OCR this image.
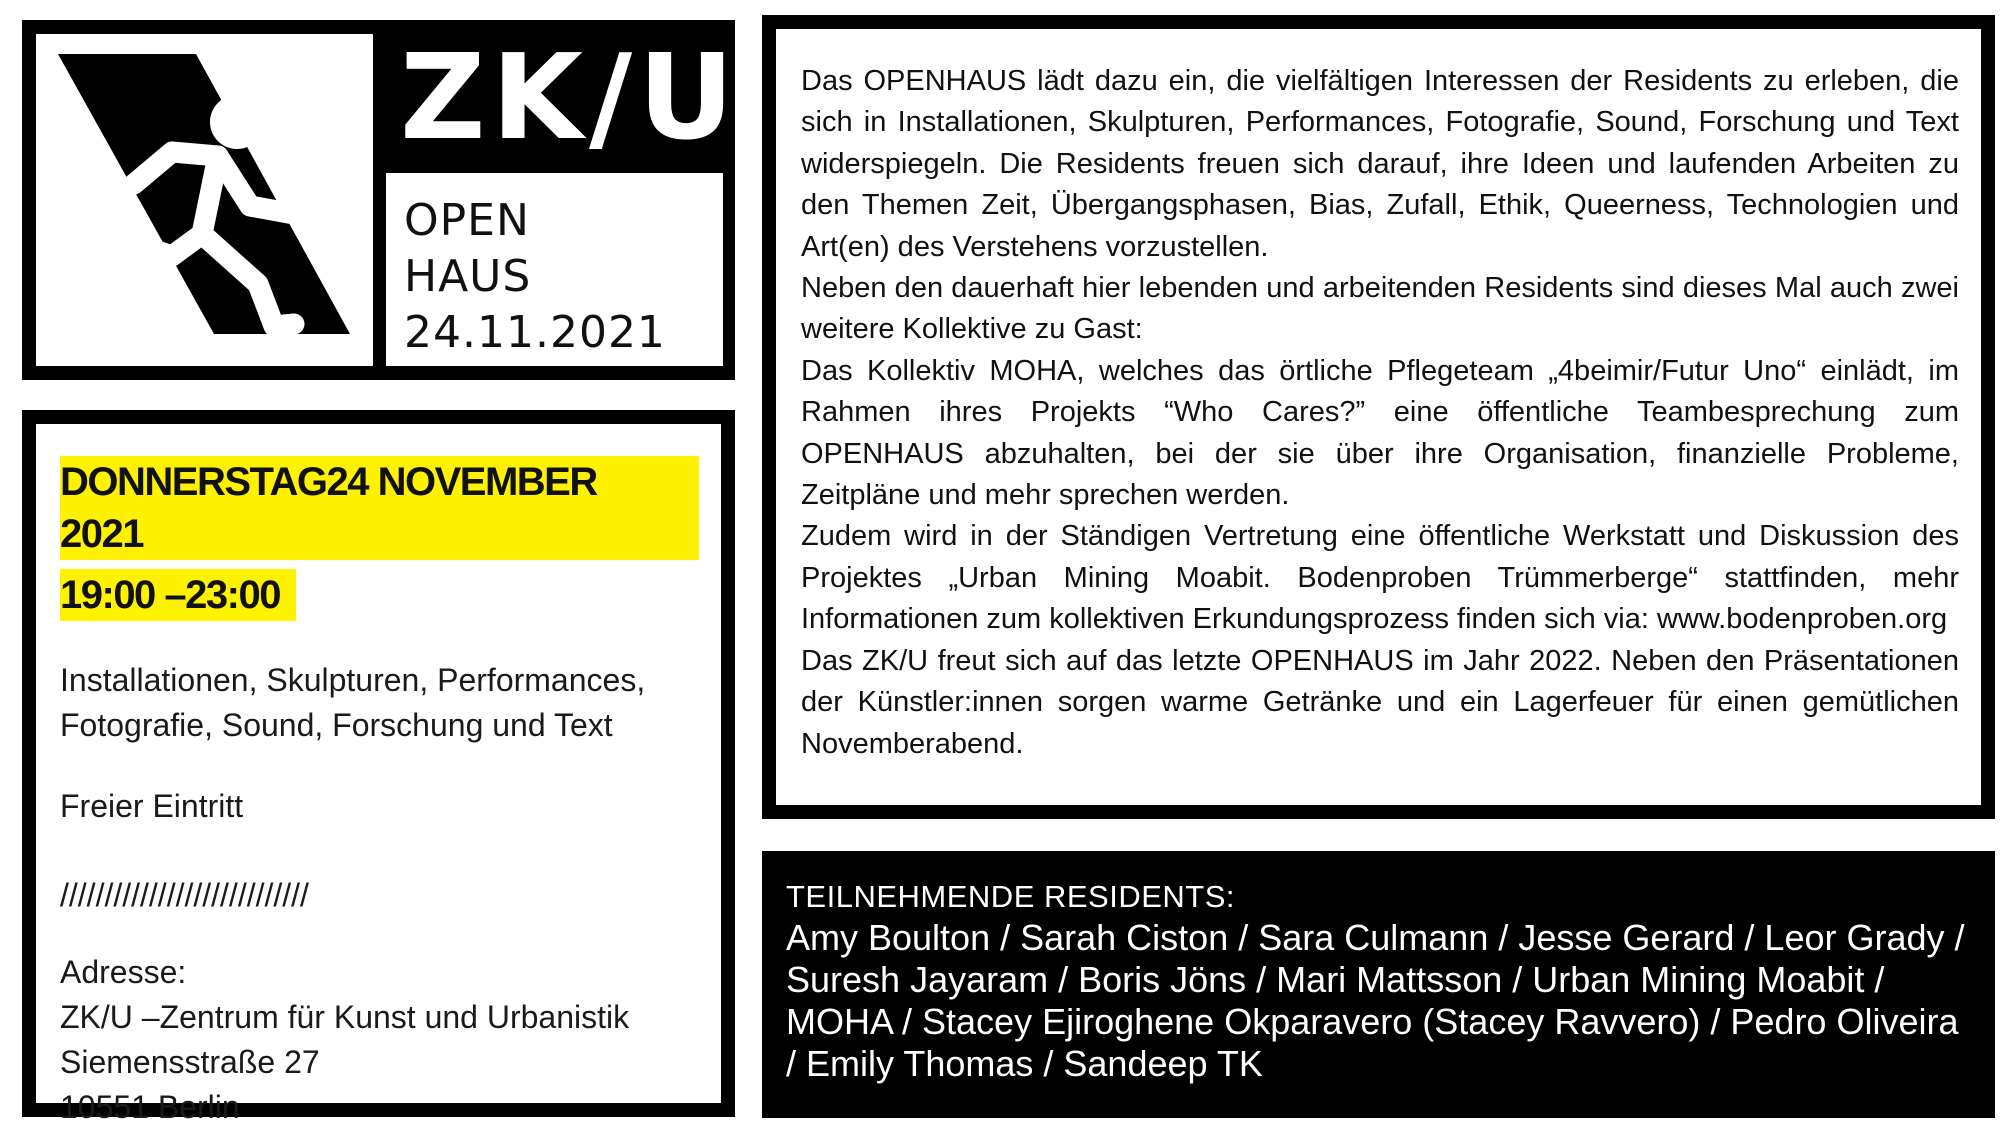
ZK/U
OPEN
HAUS
24.11.2021
DONNERSTAG24 NOVEMBER 2021
19:00 –23:00

Installationen, Skulpturen, Performances,

Fotografie, Sound, Forschung und Text

Freier Eintritt

////////////////////////////

Adresse:

ZK/U –Zentrum für Kunst und Urbanistik

Siemensstraße 27

10551 Berlin

Das OPENHAUS lädt dazu ein, die vielfältigen Interessen der Residents zu erleben, die sich in Installationen, Skulpturen, Performances, Fotografie, Sound, Forschung und Text widerspiegeln. Die Residents freuen sich darauf, ihre Ideen und laufenden Arbeiten zu den Themen Zeit, Übergangsphasen, Bias, Zufall, Ethik, Queerness, Technologien und Art(en) des Verstehens vorzustellen.

Neben den dauerhaft hier lebenden und arbeitenden Residents sind dieses Mal auch zwei weitere Kollektive zu Gast:

Das Kollektiv MOHA, welches das örtliche Pflegeteam „4beimir/Futur Uno“ einlädt, im Rahmen ihres Projekts “Who Cares?” eine öffentliche Teambesprechung zum OPENHAUS abzuhalten, bei der sie über ihre Organisation, finanzielle Probleme, Zeitpläne und mehr sprechen werden.

Zudem wird in der Ständigen Vertretung eine öffentliche Werkstatt und Diskussion des Projektes „Urban Mining Moabit. Bodenproben Trümmerberge“ stattfinden, mehr Informationen zum kollektiven Erkundungsprozess finden sich via: www.bodenproben.org

Das ZK/U freut sich auf das letzte OPENHAUS im Jahr 2022. Neben den Präsentationen der Künstler:innen sorgen warme Getränke und ein Lagerfeuer für einen gemütlichen Novemberabend.

TEILNEHMENDE RESIDENTS:
Amy Boulton / Sarah Ciston / Sara Culmann / Jesse Gerard / Leor Grady / Suresh Jayaram / Boris Jöns / Mari Mattsson / Urban Mining Moabit / MOHA / Stacey Ejiroghene Okparavero (Stacey Ravvero) / Pedro Oliveira / Emily Thomas / Sandeep TK
